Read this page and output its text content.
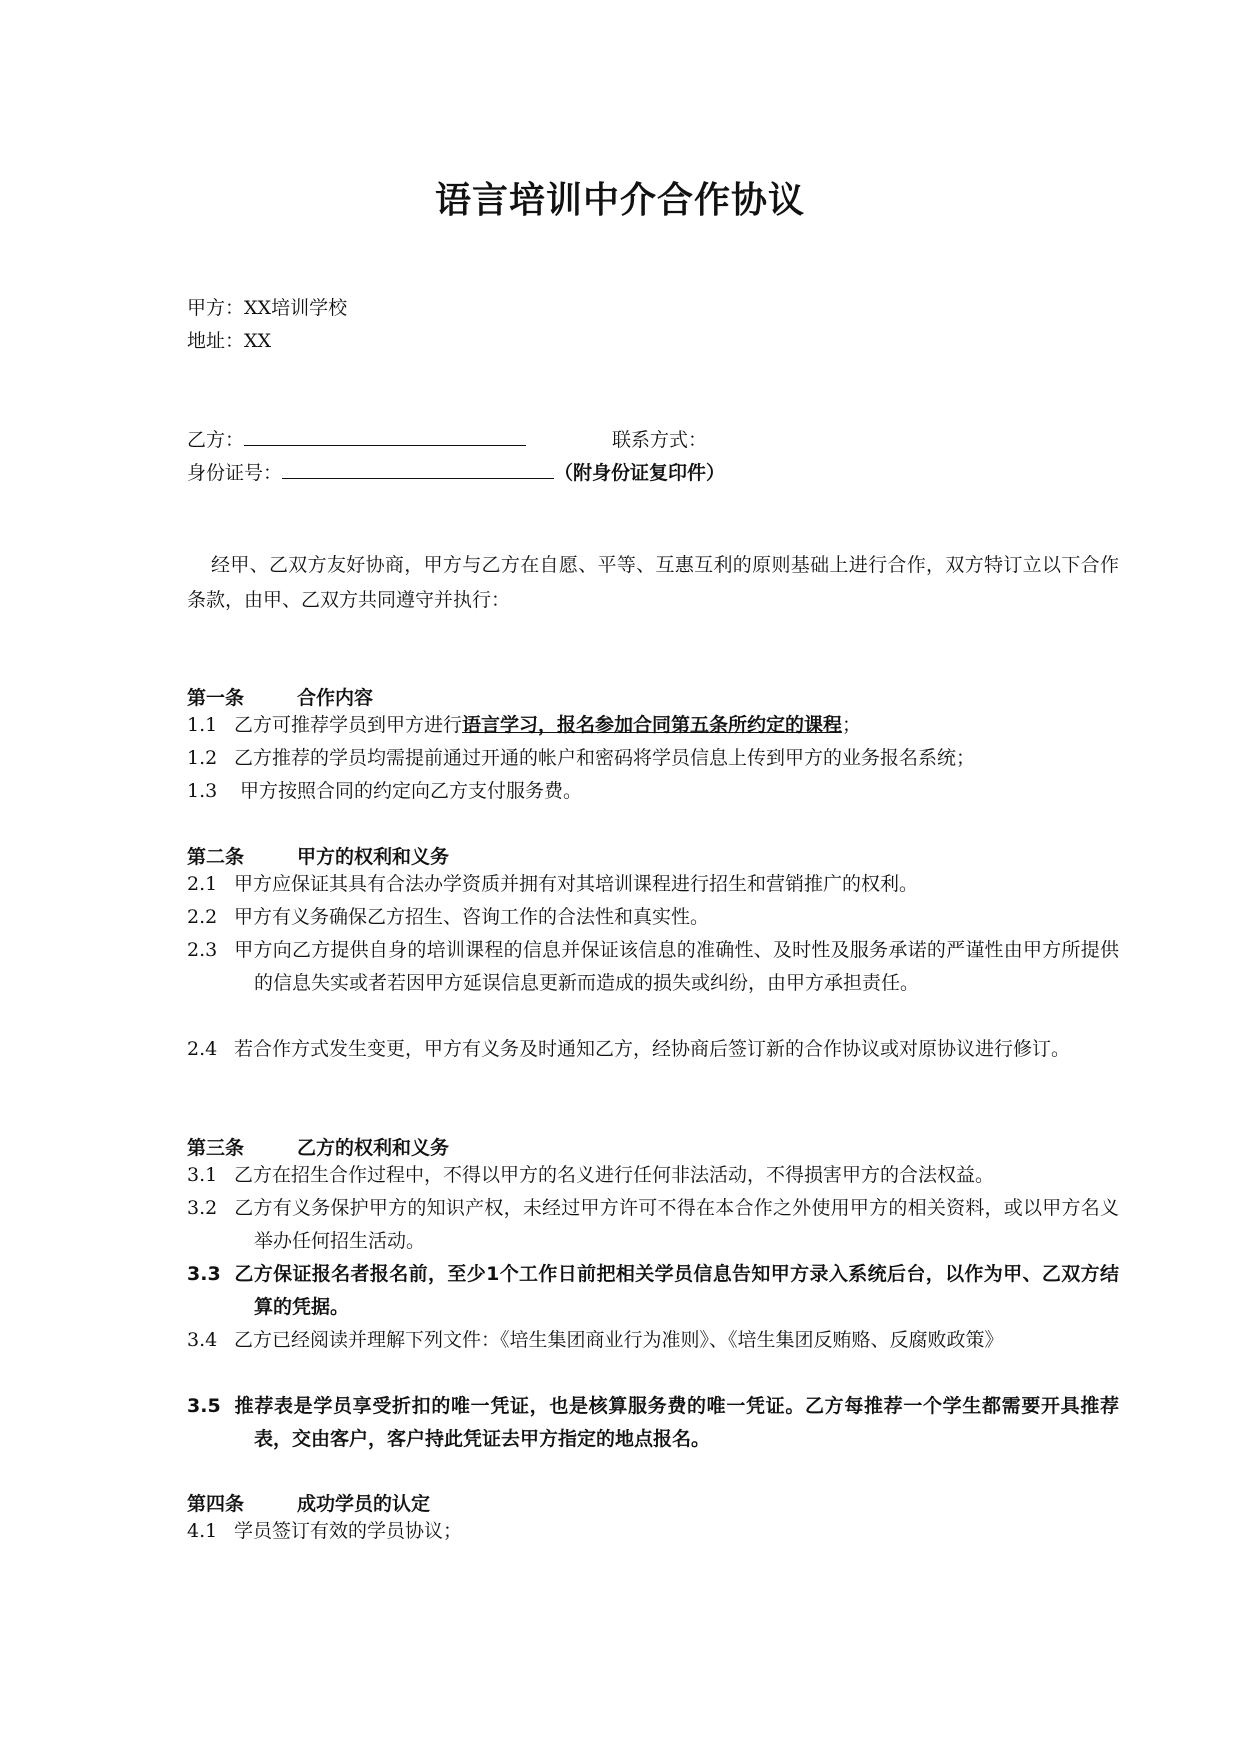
语言培训中介合作协议
甲方：XX培训学校
地址：XX
乙方：	联系方式：
身份证号：	（附身份证复印件）
经甲、乙双方友好协商，甲方与乙方在自愿、平等、互惠互利的原则基础上进行合作，双方特订立以下合作条款，由甲、乙双方共同遵守并执行：
第一条	合作内容
1.1 乙方可推荐学员到甲方进行语言学习，报名参加合同第五条所约定的课程；
1.2 乙方推荐的学员均需提前通过开通的帐户和密码将学员信息上传到甲方的业务报名系统；
1.3 甲方按照合同的约定向乙方支付服务费。
第二条	甲方的权利和义务
2.1 甲方应保证其具有合法办学资质并拥有对其培训课程进行招生和营销推广的权利。
2.2 甲方有义务确保乙方招生、咨询工作的合法性和真实性。
2.3 甲方向乙方提供自身的培训课程的信息并保证该信息的准确性、及时性及服务承诺的严谨性由甲方所提供的信息失实或者若因甲方延误信息更新而造成的损失或纠纷，由甲方承担责任。
2.4 若合作方式发生变更，甲方有义务及时通知乙方，经协商后签订新的合作协议或对原协议进行修订。
第三条	乙方的权利和义务
3.1 乙方在招生合作过程中，不得以甲方的名义进行任何非法活动，不得损害甲方的合法权益。
3.2 乙方有义务保护甲方的知识产权，未经过甲方许可不得在本合作之外使用甲方的相关资料，或以甲方名义举办任何招生活动。
3.3 乙方保证报名者报名前，至少1个工作日前把相关学员信息告知甲方录入系统后台，以作为甲、乙双方结算的凭据。
3.4 乙方已经阅读并理解下列文件：《培生集团商业行为准则》、《培生集团反贿赂、反腐败政策》
3.5 推荐表是学员享受折扣的唯一凭证，也是核算服务费的唯一凭证。乙方每推荐一个学生都需要开具推荐表，交由客户，客户持此凭证去甲方指定的地点报名。
第四条	成功学员的认定
4.1 学员签订有效的学员协议；
